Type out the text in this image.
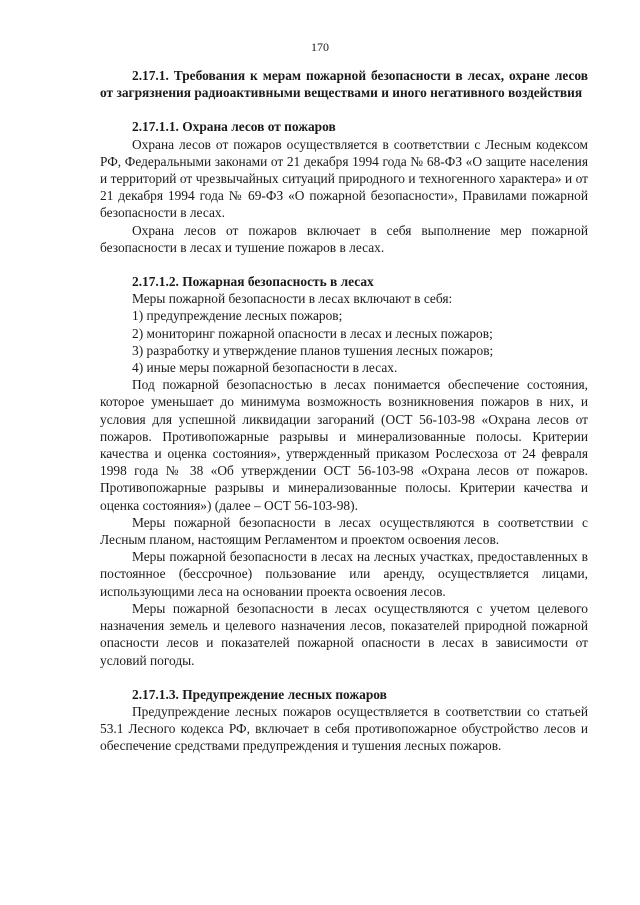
170
2.17.1. Требования к мерам пожарной безопасности в лесах, охране лесов от загрязнения радиоактивными веществами и иного негативного воздействия
2.17.1.1. Охрана лесов от пожаров

Охрана лесов от пожаров осуществляется в соответствии с Лесным кодексом РФ, Федеральными законами от 21 декабря 1994 года № 68-ФЗ «О защите населения и территорий от чрезвычайных ситуаций природного и техногенного характера» и от 21 декабря 1994 года № 69-ФЗ «О пожарной безопасности», Правилами пожарной безопасности в лесах.

Охрана лесов от пожаров включает в себя выполнение мер пожарной безопасности в лесах и тушение пожаров в лесах.

2.17.1.2. Пожарная безопасность в лесах

Меры пожарной безопасности в лесах включают в себя:

1) предупреждение лесных пожаров;

2) мониторинг пожарной опасности в лесах и лесных пожаров;

3) разработку и утверждение планов тушения лесных пожаров;

4) иные меры пожарной безопасности в лесах.

Под пожарной безопасностью в лесах понимается обеспечение состояния, которое уменьшает до минимума возможность возникновения пожаров в них, и условия для успешной ликвидации загораний (ОСТ 56-103-98 «Охрана лесов от пожаров. Противопожарные разрывы и минерализованные полосы. Критерии качества и оценка состояния», утвержденный приказом Рослесхоза от 24 февраля 1998 года № 38 «Об утверждении ОСТ 56-103-98 «Охрана лесов от пожаров. Противопожарные разрывы и минерализованные полосы. Критерии качества и оценка состояния») (далее – ОСТ 56-103-98).

Меры пожарной безопасности в лесах осуществляются в соответствии с Лесным планом, настоящим Регламентом и проектом освоения лесов.

Меры пожарной безопасности в лесах на лесных участках, предоставленных в постоянное (бессрочное) пользование или аренду, осуществляется лицами, использующими леса на основании проекта освоения лесов.

Меры пожарной безопасности в лесах осуществляются с учетом целевого назначения земель и целевого назначения лесов, показателей природной пожарной опасности лесов и показателей пожарной опасности в лесах в зависимости от условий погоды.

2.17.1.3. Предупреждение лесных пожаров

Предупреждение лесных пожаров осуществляется в соответствии со статьей 53.1 Лесного кодекса РФ, включает в себя противопожарное обустройство лесов и обеспечение средствами предупреждения и тушения лесных пожаров.
